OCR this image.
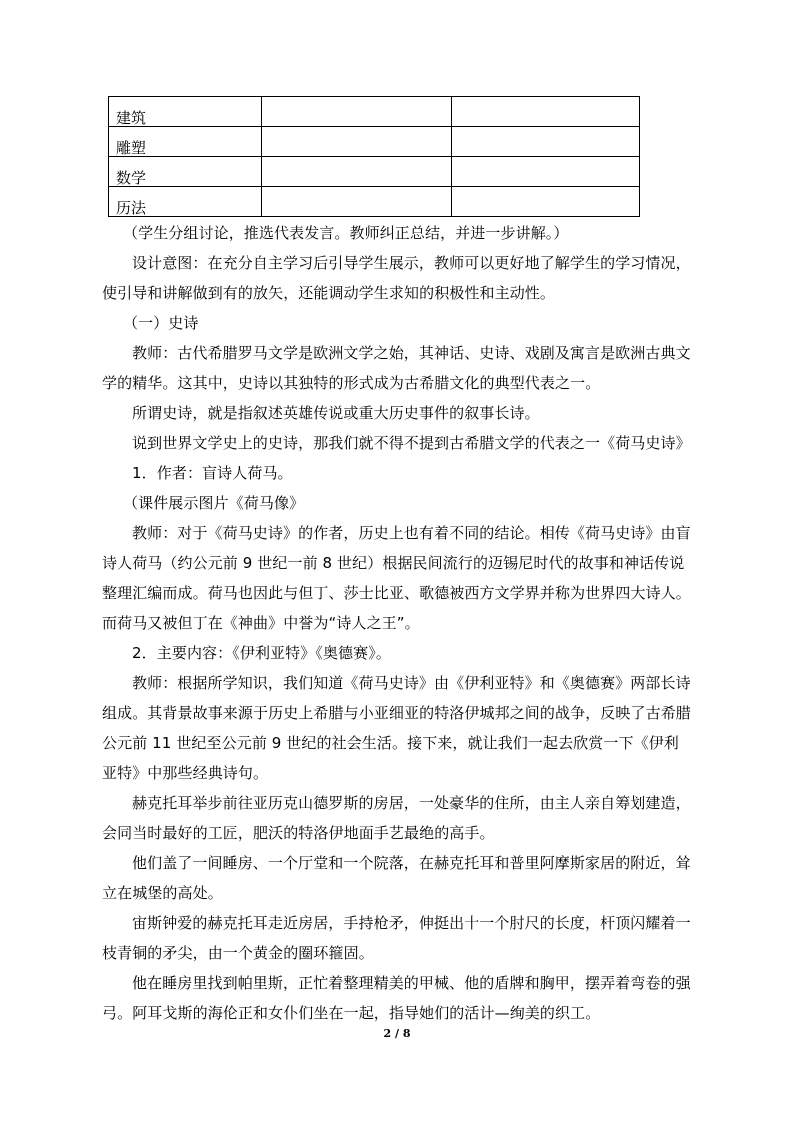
建筑		

雕塑		

数学		

历法		

（学生分组讨论，推选代表发言。教师纠正总结，并进一步讲解。）

设计意图：在充分自主学习后引导学生展示，教师可以更好地了解学生的学习情况，使引导和讲解做到有的放矢，还能调动学生求知的积极性和主动性。

（一）史诗

教师：古代希腊罗马文学是欧洲文学之始，其神话、史诗、戏剧及寓言是欧洲古典文学的精华。这其中，史诗以其独特的形式成为古希腊文化的典型代表之一。

所谓史诗，就是指叙述英雄传说或重大历史事件的叙事长诗。

说到世界文学史上的史诗，那我们就不得不提到古希腊文学的代表之一《荷马史诗》

1．作者：盲诗人荷马。

（课件展示图片《荷马像》

教师：对于《荷马史诗》的作者，历史上也有着不同的结论。相传《荷马史诗》由盲诗人荷马（约公元前 9 世纪一前 8 世纪）根据民间流行的迈锡尼时代的故事和神话传说整理汇编而成。荷马也因此与但丁、莎士比亚、歌德被西方文学界并称为世界四大诗人。而荷马又被但丁在《神曲》中誉为“诗人之王”。

2．主要内容：《伊利亚特》《奥德赛》。

教师：根据所学知识，我们知道《荷马史诗》由《伊利亚特》和《奥德赛》两部长诗组成。其背景故事来源于历史上希腊与小亚细亚的特洛伊城邦之间的战争，反映了古希腊公元前 11 世纪至公元前 9 世纪的社会生活。接下来，就让我们一起去欣赏一下《伊利亚特》中那些经典诗句。

赫克托耳举步前往亚历克山德罗斯的房居，一处豪华的住所，由主人亲自筹划建造，会同当时最好的工匠，肥沃的特洛伊地面手艺最绝的高手。

他们盖了一间睡房、一个厅堂和一个院落，在赫克托耳和普里阿摩斯家居的附近，耸立在城堡的高处。

宙斯钟爱的赫克托耳走近房居，手持枪矛，伸挺出十一个肘尺的长度，杆顶闪耀着一枝青铜的矛尖，由一个黄金的圈环箍固。

他在睡房里找到帕里斯，正忙着整理精美的甲械、他的盾牌和胸甲，摆弄着弯卷的强弓。阿耳戈斯的海伦正和女仆们坐在一起，指导她们的活计—绚美的织工。

2 / 8
